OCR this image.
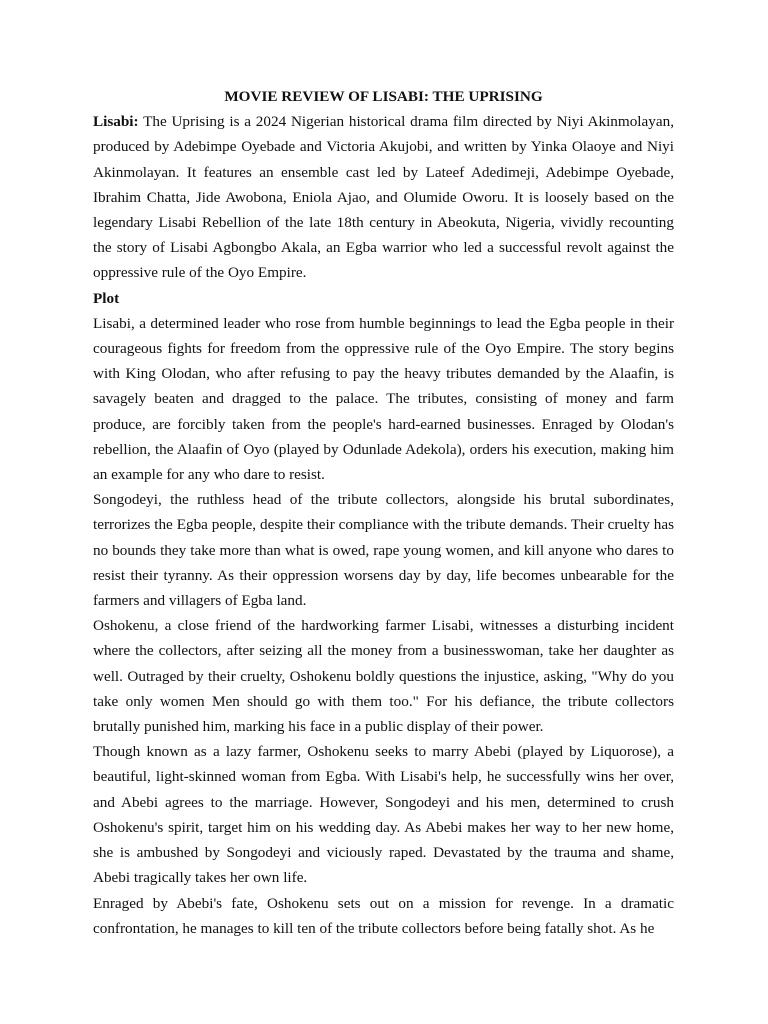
MOVIE REVIEW OF LISABI: THE UPRISING

Lisabi: The Uprising is a 2024 Nigerian historical drama film directed by Niyi Akinmolayan, produced by Adebimpe Oyebade and Victoria Akujobi, and written by Yinka Olaoye and Niyi Akinmolayan. It features an ensemble cast led by Lateef Adedimeji, Adebimpe Oyebade, Ibrahim Chatta, Jide Awobona, Eniola Ajao, and Olumide Oworu. It is loosely based on the legendary Lisabi Rebellion of the late 18th century in Abeokuta, Nigeria, vividly recounting the story of Lisabi Agbongbo Akala, an Egba warrior who led a successful revolt against the oppressive rule of the Oyo Empire.

Plot

Lisabi, a determined leader who rose from humble beginnings to lead the Egba people in their courageous fights for freedom from the oppressive rule of the Oyo Empire. The story begins with King Olodan, who after refusing to pay the heavy tributes demanded by the Alaafin, is savagely beaten and dragged to the palace. The tributes, consisting of money and farm produce, are forcibly taken from the people's hard-earned businesses. Enraged by Olodan's rebellion, the Alaafin of Oyo (played by Odunlade Adekola), orders his execution, making him an example for any who dare to resist.

Songodeyi, the ruthless head of the tribute collectors, alongside his brutal subordinates, terrorizes the Egba people, despite their compliance with the tribute demands. Their cruelty has no bounds they take more than what is owed, rape young women, and kill anyone who dares to resist their tyranny. As their oppression worsens day by day, life becomes unbearable for the farmers and villagers of Egba land.

Oshokenu, a close friend of the hardworking farmer Lisabi, witnesses a disturbing incident where the collectors, after seizing all the money from a businesswoman, take her daughter as well. Outraged by their cruelty, Oshokenu boldly questions the injustice, asking, "Why do you take only women Men should go with them too." For his defiance, the tribute collectors brutally punished him, marking his face in a public display of their power.

Though known as a lazy farmer, Oshokenu seeks to marry Abebi (played by Liquorose), a beautiful, light-skinned woman from Egba. With Lisabi's help, he successfully wins her over, and Abebi agrees to the marriage. However, Songodeyi and his men, determined to crush Oshokenu's spirit, target him on his wedding day. As Abebi makes her way to her new home, she is ambushed by Songodeyi and viciously raped. Devastated by the trauma and shame, Abebi tragically takes her own life.

Enraged by Abebi's fate, Oshokenu sets out on a mission for revenge. In a dramatic confrontation, he manages to kill ten of the tribute collectors before being fatally shot. As he
